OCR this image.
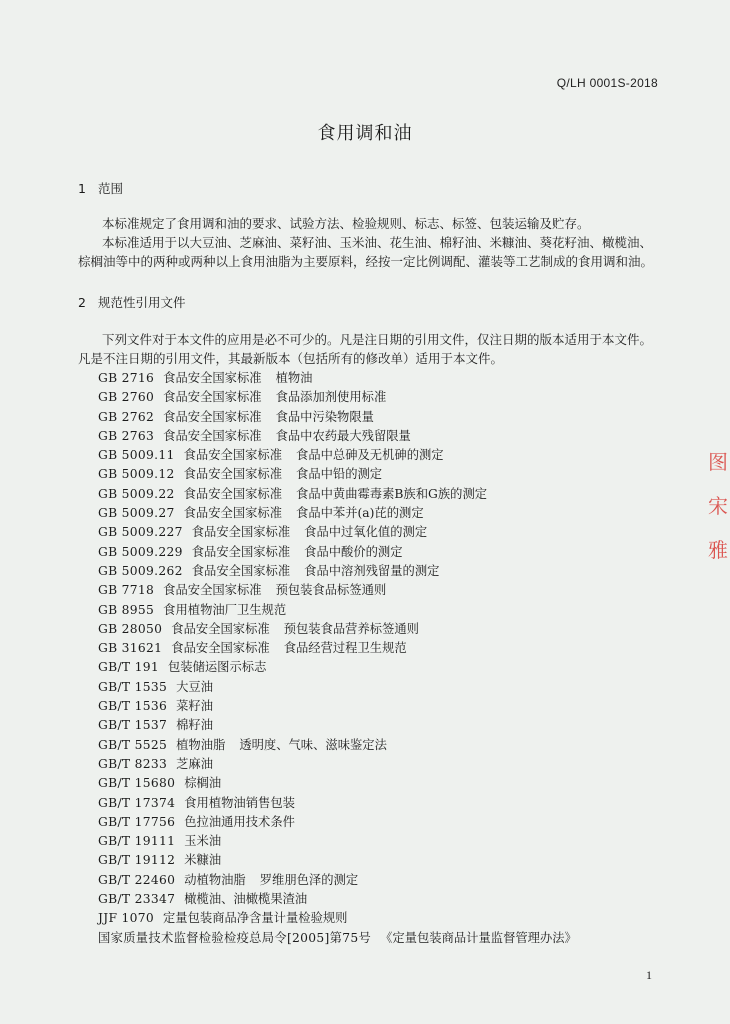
Q/LH 0001S-2018
食用调和油
1 范围

本标准规定了食用调和油的要求、试验方法、检验规则、标志、标签、包装运输及贮存。

本标准适用于以大豆油、芝麻油、菜籽油、玉米油、花生油、棉籽油、米糠油、葵花籽油、橄榄油、棕榈油等中的两种或两种以上食用油脂为主要原料，经按一定比例调配、灌装等工艺制成的食用调和油。

2 规范性引用文件

下列文件对于本文件的应用是必不可少的。凡是注日期的引用文件，仅注日期的版本适用于本文件。凡是不注日期的引用文件，其最新版本（包括所有的修改单）适用于本文件。

GB 2716 食品安全国家标准 植物油
GB 2760 食品安全国家标准 食品添加剂使用标准
GB 2762 食品安全国家标准 食品中污染物限量
GB 2763 食品安全国家标准 食品中农药最大残留限量
GB 5009.11 食品安全国家标准 食品中总砷及无机砷的测定
GB 5009.12 食品安全国家标准 食品中铅的测定
GB 5009.22 食品安全国家标准 食品中黄曲霉毒素B族和G族的测定
GB 5009.27 食品安全国家标准 食品中苯并(a)芘的测定
GB 5009.227 食品安全国家标准 食品中过氧化值的测定
GB 5009.229 食品安全国家标准 食品中酸价的测定
GB 5009.262 食品安全国家标准 食品中溶剂残留量的测定
GB 7718 食品安全国家标准 预包装食品标签通则
GB 8955 食用植物油厂卫生规范
GB 28050 食品安全国家标准 预包装食品营养标签通则
GB 31621 食品安全国家标准 食品经营过程卫生规范
GB/T 191 包装储运图示标志
GB/T 1535 大豆油
GB/T 1536 菜籽油
GB/T 1537 棉籽油
GB/T 5525 植物油脂 透明度、气味、滋味鉴定法
GB/T 8233 芝麻油
GB/T 15680 棕榈油
GB/T 17374 食用植物油销售包装
GB/T 17756 色拉油通用技术条件
GB/T 19111 玉米油
GB/T 19112 米糠油
GB/T 22460 动植物油脂 罗维朋色泽的测定
GB/T 23347 橄榄油、油橄榄果渣油
JJF 1070 定量包装商品净含量计量检验规则
国家质量技术监督检验检疫总局令[2005]第75号 《定量包装商品计量监督管理办法》
1
图
宋
雅
